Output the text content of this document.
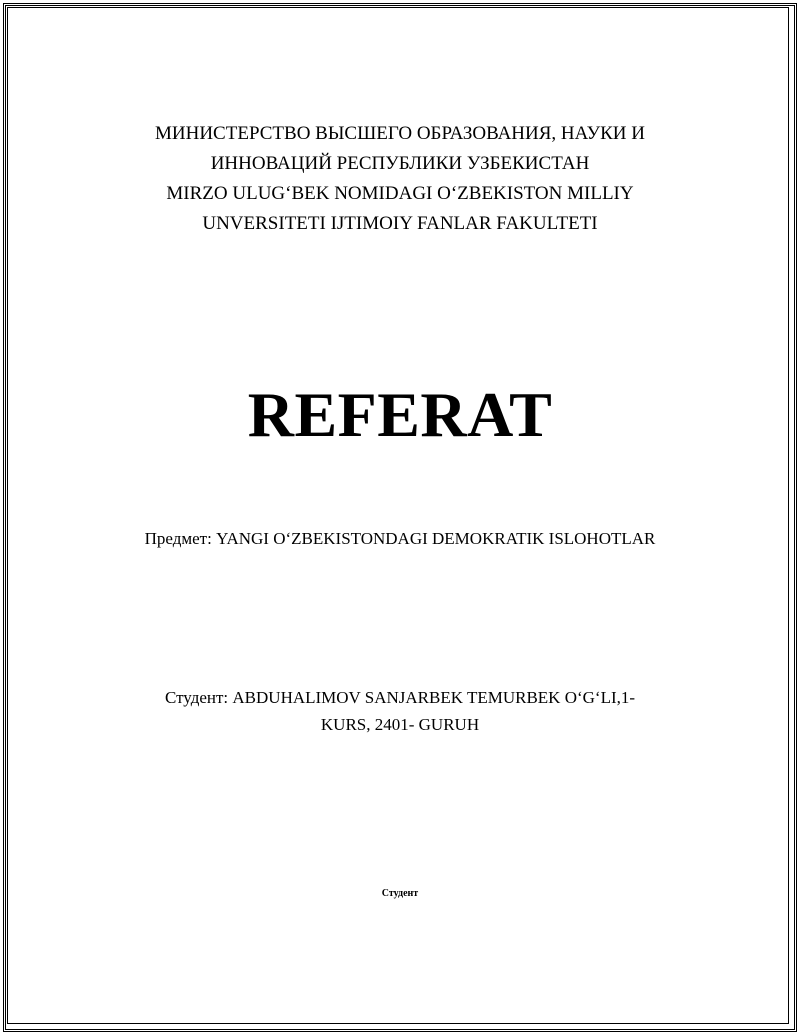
МИНИСТЕРСТВО ВЫСШЕГО ОБРАЗОВАНИЯ, НАУКИ И
ИННОВАЦИЙ РЕСПУБЛИКИ УЗБЕКИСТАН
MIRZO ULUG‘BEK NOMIDAGI O‘ZBEKISTON MILLIY
UNVERSITETI IJTIMOIY FANLAR FAKULTETI
REFERAT
Предмет: YANGI O‘ZBEKISTONDAGI DEMOKRATIK ISLOHOTLAR
Студент: ABDUHALIMOV SANJARBEK TEMURBEK O‘G‘LI,1-
KURS, 2401- GURUH
Студент
